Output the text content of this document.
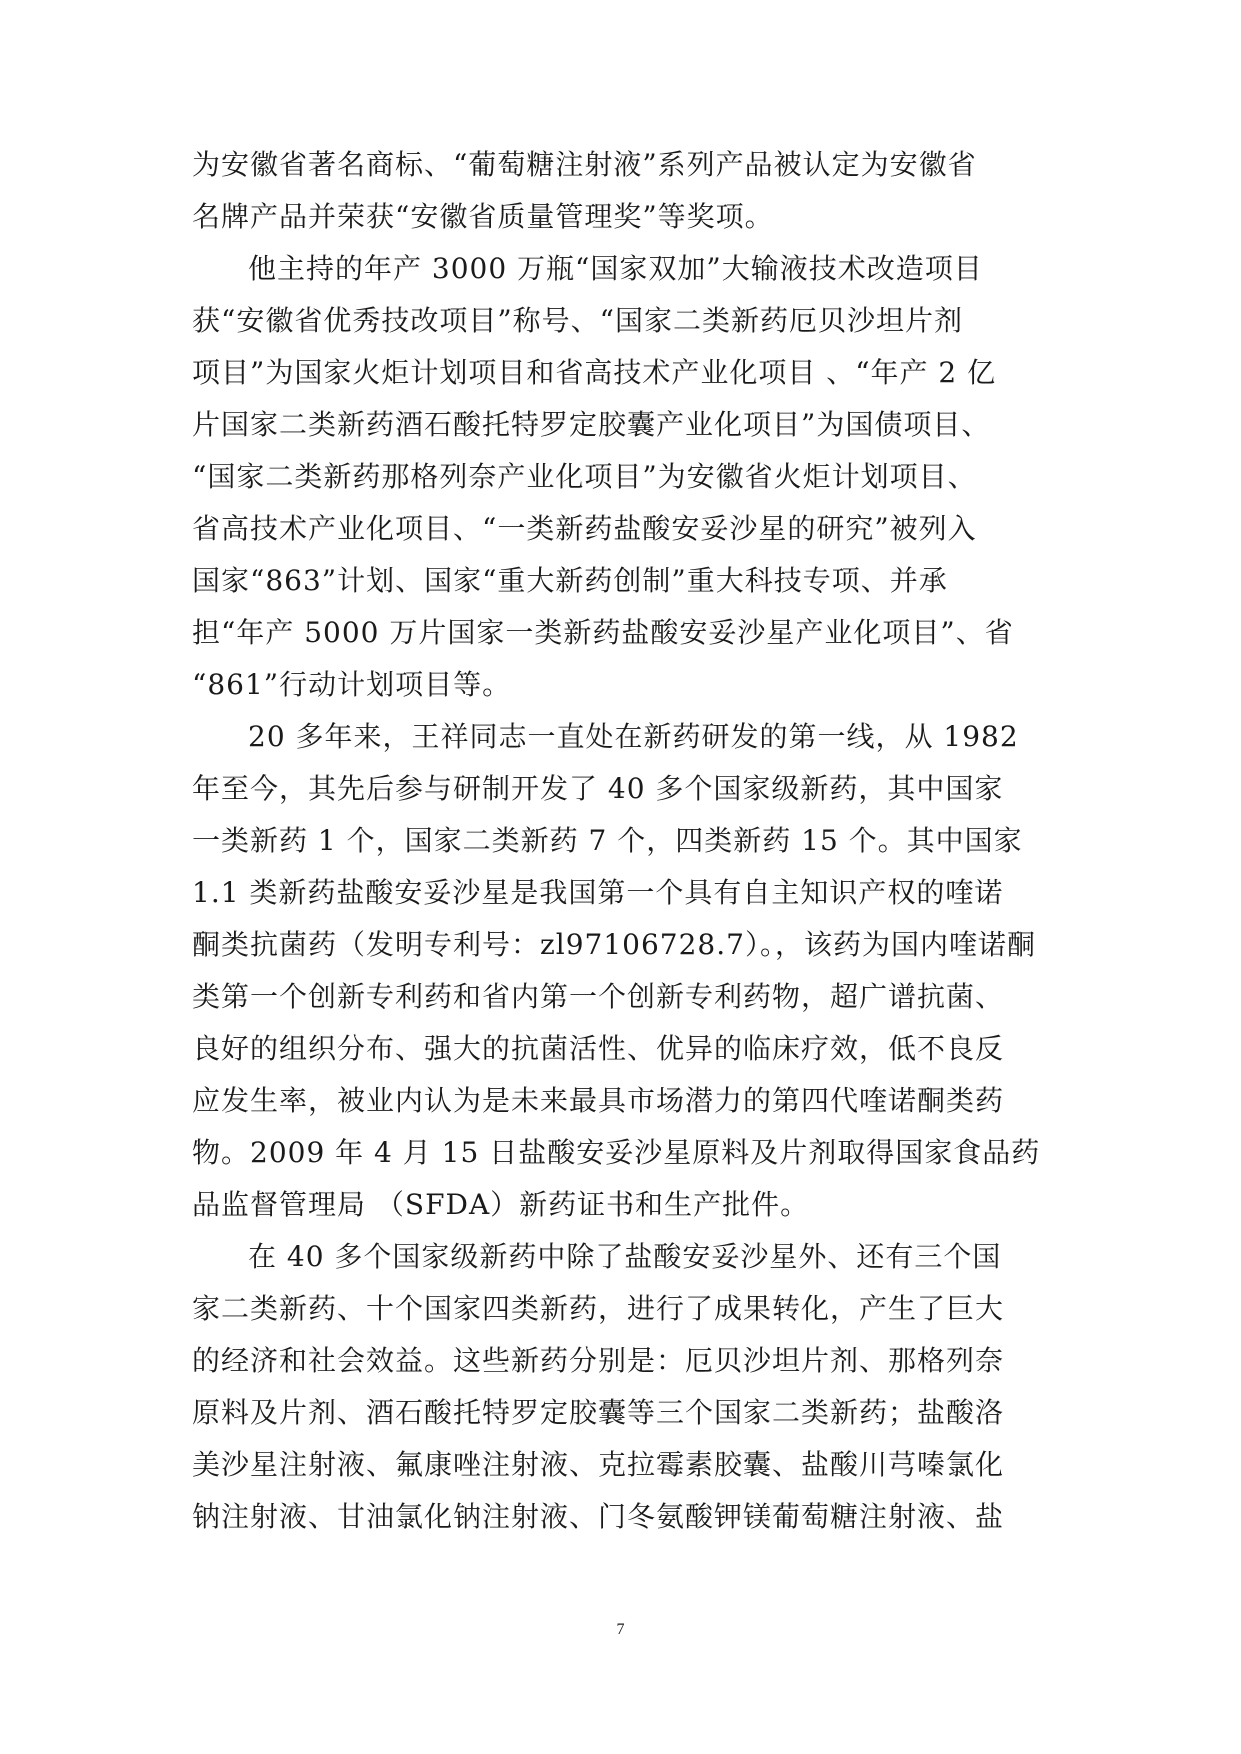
为安徽省著名商标、“葡萄糖注射液”系列产品被认定为安徽省
名牌产品并荣获“安徽省质量管理奖”等奖项。
他主持的年产 3000 万瓶“国家双加”大输液技术改造项目
获“安徽省优秀技改项目”称号、“国家二类新药厄贝沙坦片剂
项目”为国家火炬计划项目和省高技术产业化项目 、“年产 2 亿
片国家二类新药酒石酸托特罗定胶囊产业化项目”为国债项目、
“国家二类新药那格列奈产业化项目”为安徽省火炬计划项目、
省高技术产业化项目、“一类新药盐酸安妥沙星的研究”被列入
国家“863”计划、国家“重大新药创制”重大科技专项、并承
担“年产 5000 万片国家一类新药盐酸安妥沙星产业化项目”、省
“861”行动计划项目等。
20 多年来，王祥同志一直处在新药研发的第一线，从 1982
年至今，其先后参与研制开发了 40 多个国家级新药，其中国家
一类新药 1 个，国家二类新药 7 个，四类新药 15 个。其中国家
1.1 类新药盐酸安妥沙星是我国第一个具有自主知识产权的喹诺
酮类抗菌药（发明专利号：zl97106728.7）。，该药为国内喹诺酮
类第一个创新专利药和省内第一个创新专利药物，超广谱抗菌、
良好的组织分布、强大的抗菌活性、优异的临床疗效，低不良反
应发生率，被业内认为是未来最具市场潜力的第四代喹诺酮类药
物。2009 年 4 月 15 日盐酸安妥沙星原料及片剂取得国家食品药
品监督管理局 （SFDA）新药证书和生产批件。
在 40 多个国家级新药中除了盐酸安妥沙星外、还有三个国
家二类新药、十个国家四类新药，进行了成果转化，产生了巨大
的经济和社会效益。这些新药分别是：厄贝沙坦片剂、那格列奈
原料及片剂、酒石酸托特罗定胶囊等三个国家二类新药；盐酸洛
美沙星注射液、氟康唑注射液、克拉霉素胶囊、盐酸川芎嗪氯化
钠注射液、甘油氯化钠注射液、门冬氨酸钾镁葡萄糖注射液、盐
7
